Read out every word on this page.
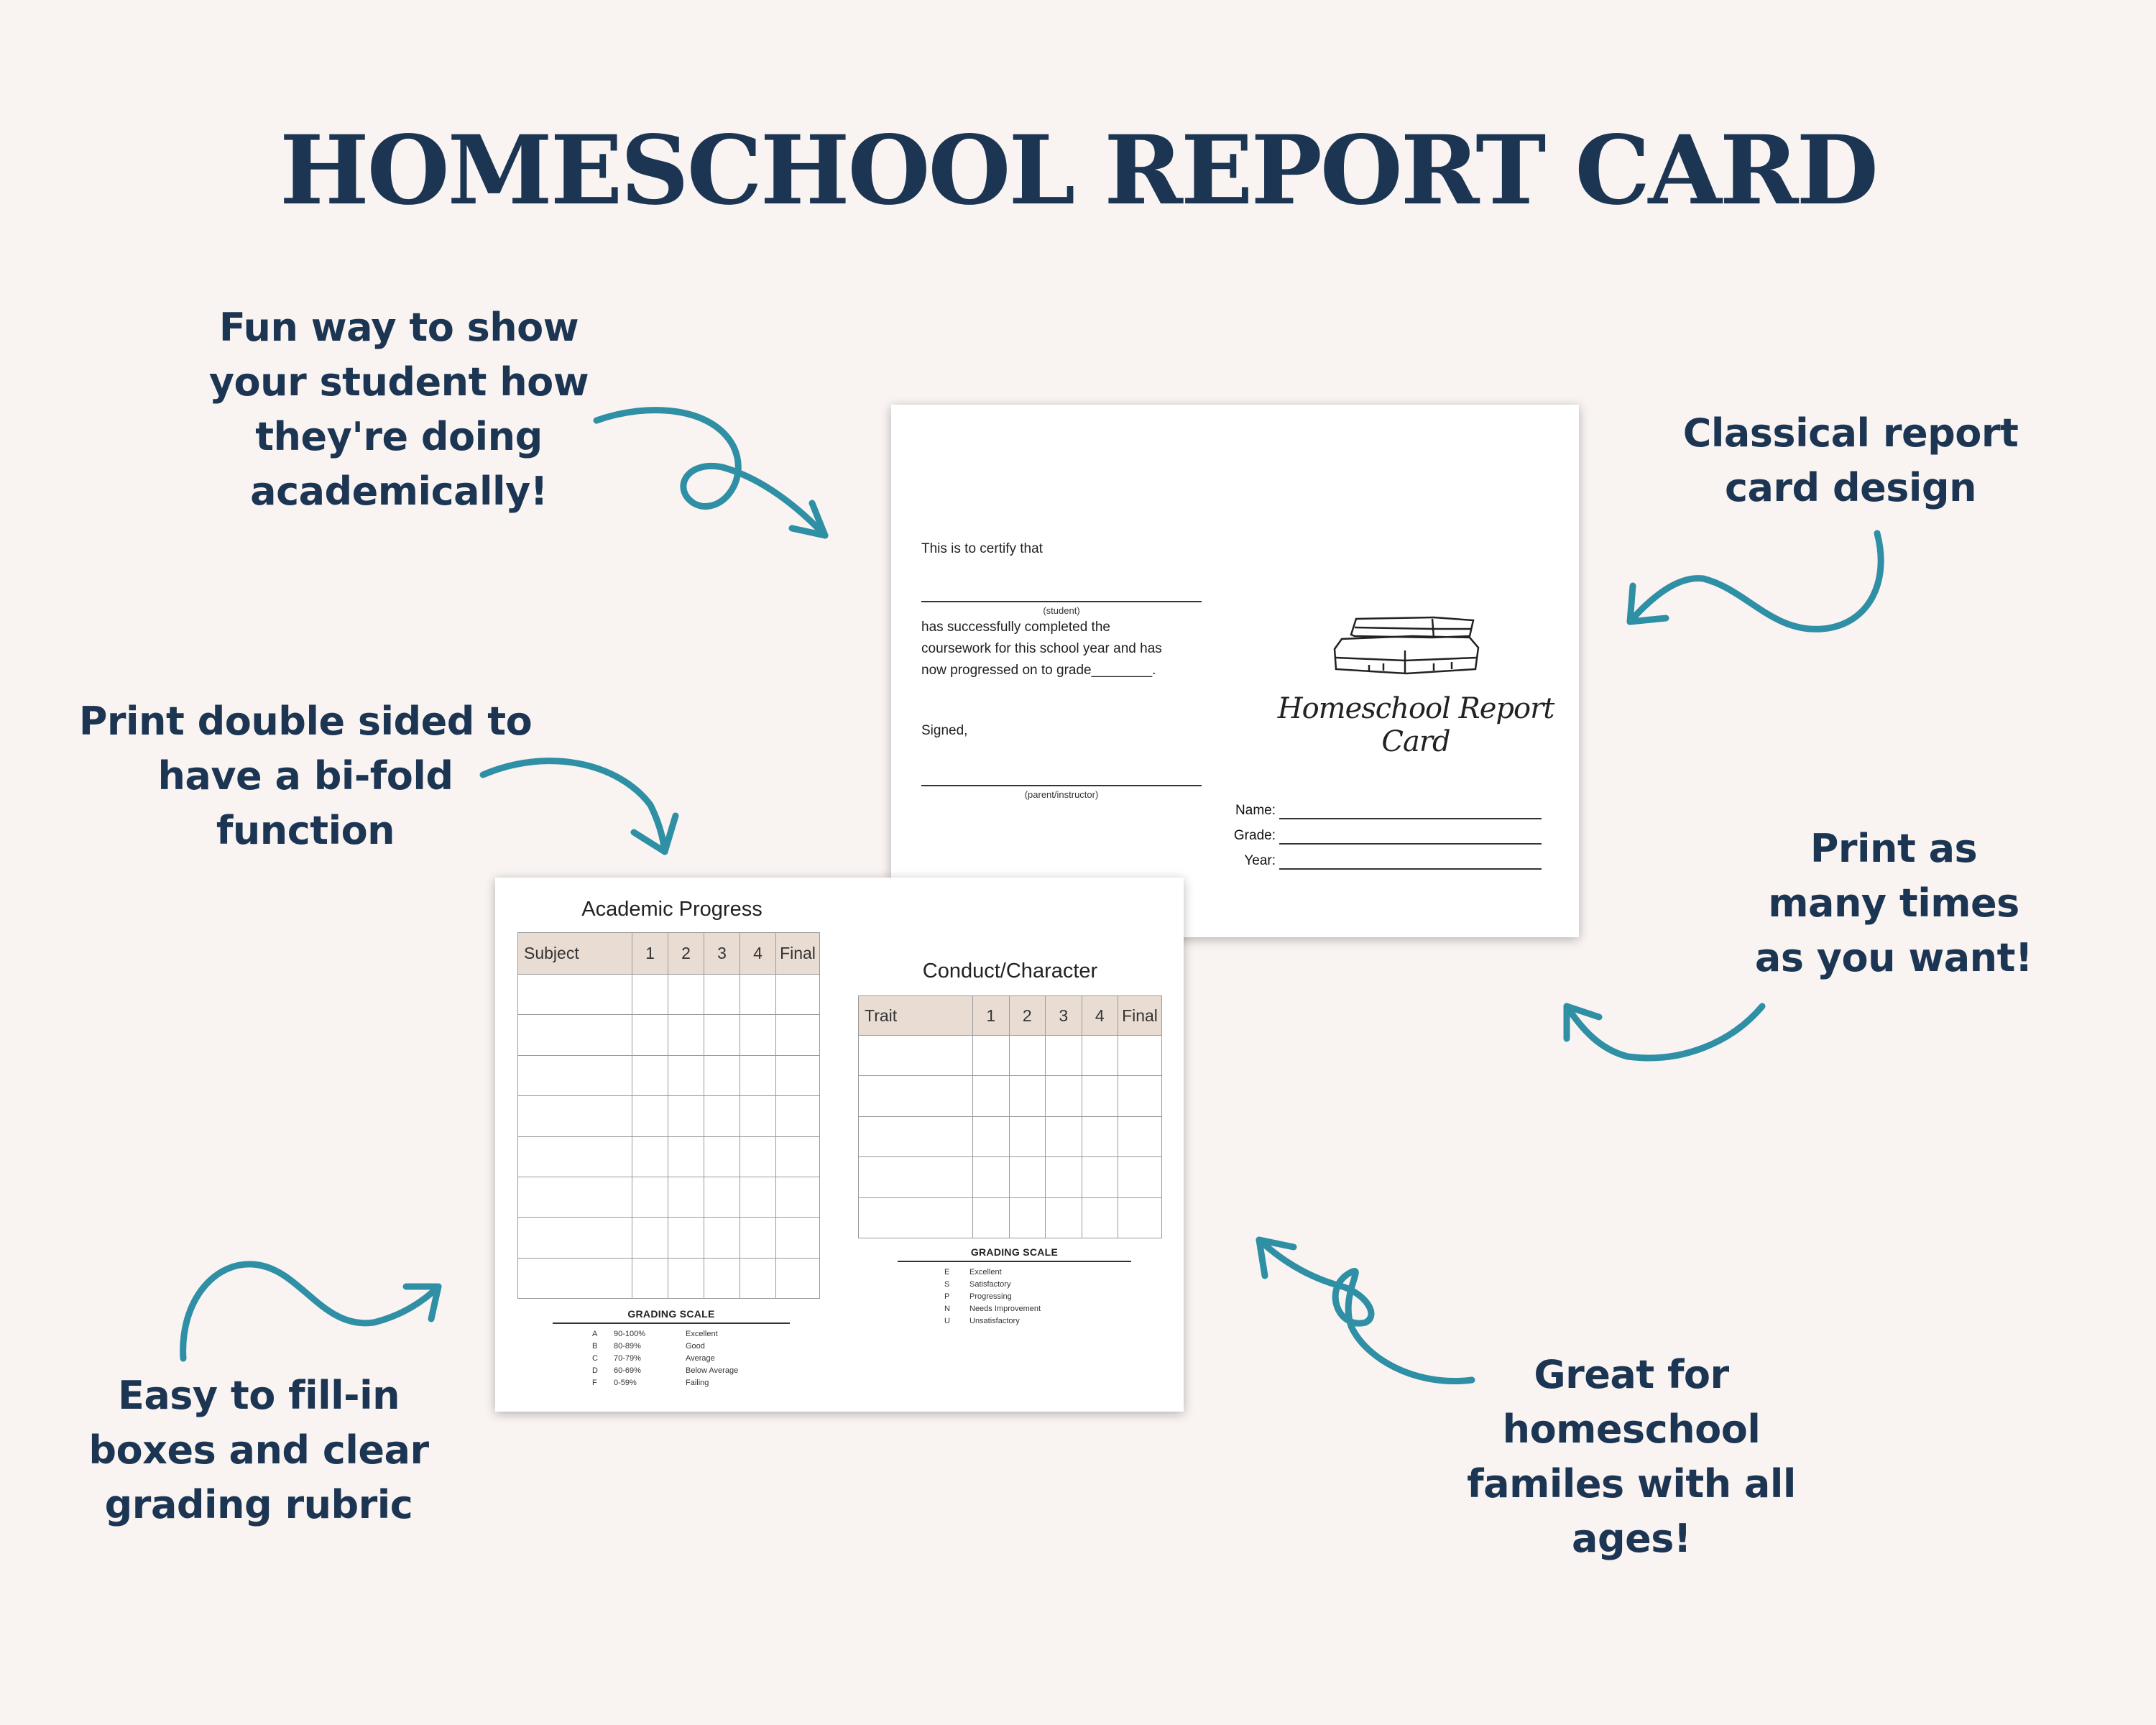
HOMESCHOOL REPORT CARD
Fun way to show
your student how
they're doing
academically!
Classical report
card design
Print double sided to
have a bi-fold
function	Print as
many times
as you want!
Easy to fill-in
boxes and clear
grading rubric
Great for
homeschool
familes with all
ages!
This is to certify that
(student)
has successfully completed the
coursework for this school year and has
now progressed on to grade________.
Signed,
(parent/instructor)
Homeschool Report Card
Name:
Grade:
Year:
Academic Progress
Subject	1	2	3	4	Final

GRADING SCALE
A 90-100%	Excellent
B 80-89%	Good
C 70-79%	Average
D 60-69%	Below Average
F 0-59%	Failing
Conduct/Character
Trait	1	2	3	4	Final

GRADING SCALE
E	Excellent
S	Satisfactory
P	Progressing
N Needs Improvement
U Unsatisfactory
